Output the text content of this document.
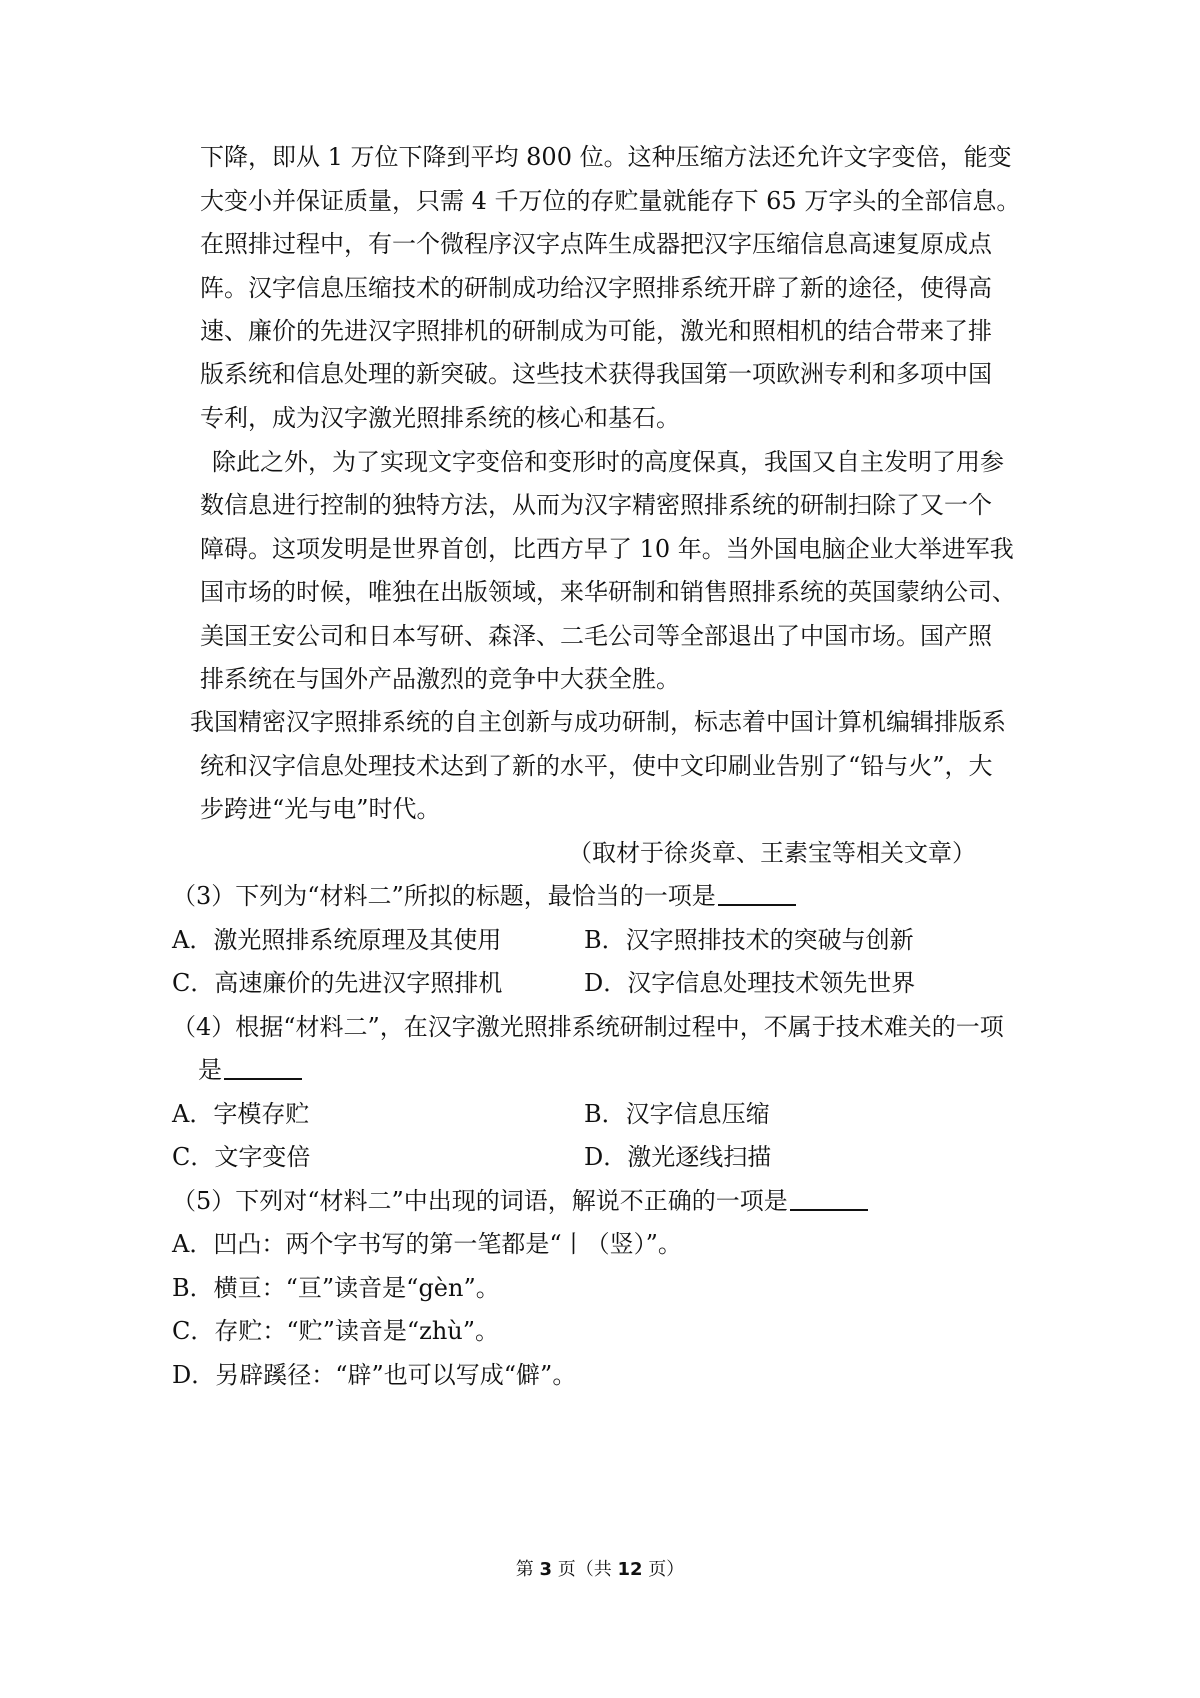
下降，即从 1 万位下降到平均 800 位。这种压缩方法还允许文字变倍，能变
大变小并保证质量，只需 4 千万位的存贮量就能存下 65 万字头的全部信息。
在照排过程中，有一个微程序汉字点阵生成器把汉字压缩信息高速复原成点
阵。汉字信息压缩技术的研制成功给汉字照排系统开辟了新的途径，使得高
速、廉价的先进汉字照排机的研制成为可能，激光和照相机的结合带来了排
版系统和信息处理的新突破。这些技术获得我国第一项欧洲专利和多项中国
专利，成为汉字激光照排系统的核心和基石。
除此之外，为了实现文字变倍和变形时的高度保真，我国又自主发明了用参
数信息进行控制的独特方法，从而为汉字精密照排系统的研制扫除了又一个
障碍。这项发明是世界首创，比西方早了 10 年。当外国电脑企业大举进军我
国市场的时候，唯独在出版领域，来华研制和销售照排系统的英国蒙纳公司、
美国王安公司和日本写研、森泽、二毛公司等全部退出了中国市场。国产照
排系统在与国外产品激烈的竞争中大获全胜。
我国精密汉字照排系统的自主创新与成功研制，标志着中国计算机编辑排版系
统和汉字信息处理技术达到了新的水平，使中文印刷业告别了“铅与火”，大
步跨进“光与电”时代。
（取材于徐炎章、王素宝等相关文章）
（3）下列为“材料二”所拟的标题，最恰当的一项是
A．激光照排系统原理及其使用	B．汉字照排技术的突破与创新
C．高速廉价的先进汉字照排机	D．汉字信息处理技术领先世界
（4）根据“材料二”，在汉字激光照排系统研制过程中，不属于技术难关的一项
是
A．字模存贮	B．汉字信息压缩
C．文字变倍	D．激光逐线扫描
（5）下列对“材料二”中出现的词语，解说不正确的一项是
A．凹凸：两个字书写的第一笔都是“丨（竖）”。
B．横亘：“亘”读音是“gèn”。
C．存贮：“贮”读音是“zhù”。
D．另辟蹊径：“辟”也可以写成“僻”。
第 3 页（共 12 页）
